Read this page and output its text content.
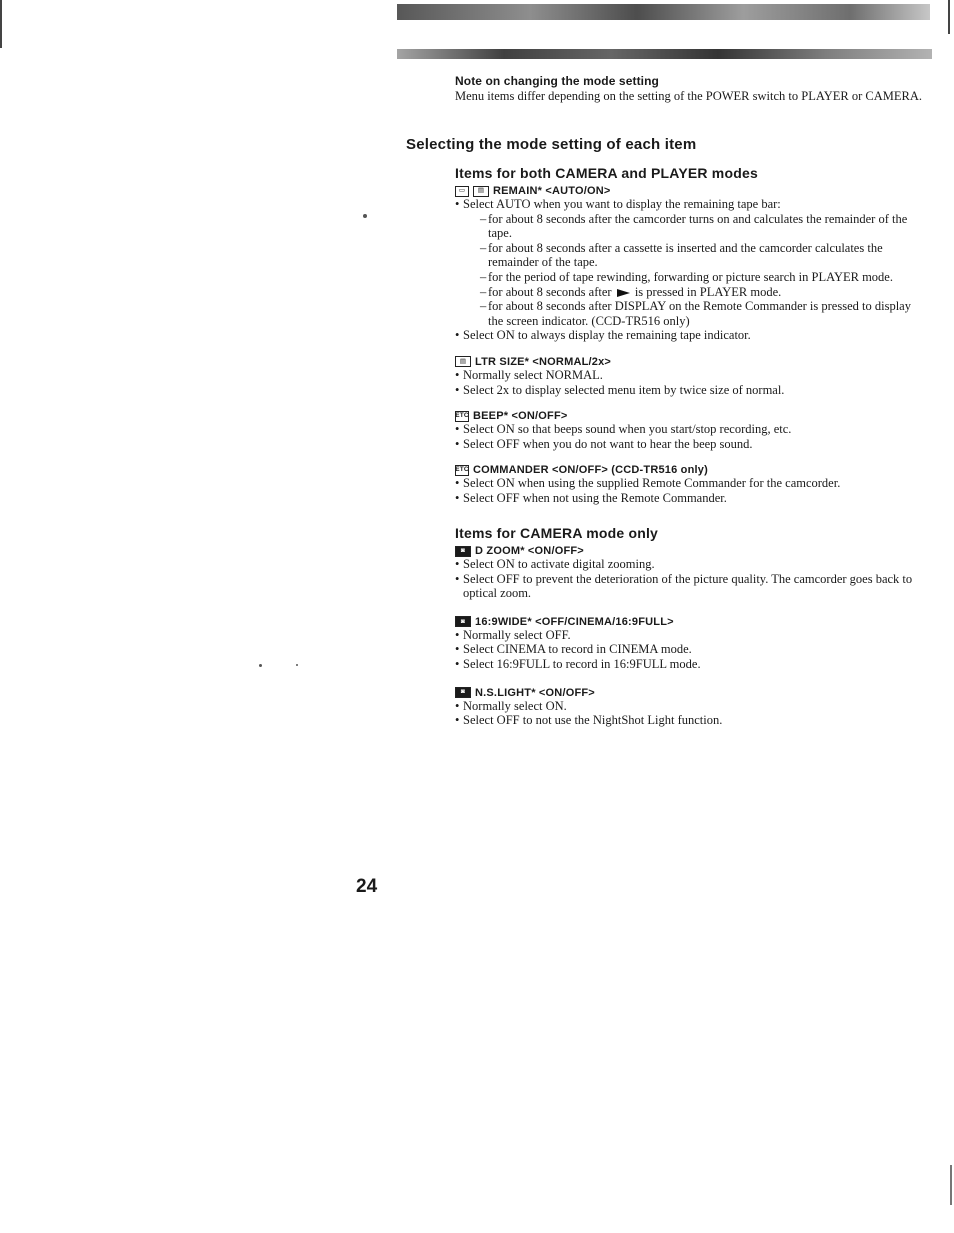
Note on changing the mode setting

Menu items differ depending on the setting of the POWER switch to PLAYER or CAMERA.

Selecting the mode setting of each item
Items for both CAMERA and PLAYER modes

▭	▤ REMAIN* <AUTO/ON>

• Select AUTO when you want to display the remaining tape bar:
– for about 8 seconds after the camcorder turns on and calculates the remainder of the tape.
– for about 8 seconds after a cassette is inserted and the camcorder calculates the remainder of the tape.
– for the period of tape rewinding, forwarding or picture search in PLAYER mode.
– for about 8 seconds after is pressed in PLAYER mode.
– for about 8 seconds after DISPLAY on the Remote Commander is pressed to display the screen indicator. (CCD-TR516 only)
• Select ON to always display the remaining tape indicator.

▤ LTR SIZE* <NORMAL/2x>

• Normally select NORMAL.
• Select 2x to display selected menu item by twice size of normal.

ETC BEEP* <ON/OFF>

• Select ON so that beeps sound when you start/stop recording, etc.
• Select OFF when you do not want to hear the beep sound.

ETC COMMANDER <ON/OFF> (CCD-TR516 only)

• Select ON when using the supplied Remote Commander for the camcorder.
• Select OFF when not using the Remote Commander.
Items for CAMERA mode only

◙ D ZOOM* <ON/OFF>

• Select ON to activate digital zooming.
• Select OFF to prevent the deterioration of the picture quality. The camcorder goes back to optical zoom.

◙ 16:9WIDE* <OFF/CINEMA/16:9FULL>

• Normally select OFF.
• Select CINEMA to record in CINEMA mode.
• Select 16:9FULL to record in 16:9FULL mode.

◙ N.S.LIGHT* <ON/OFF>

• Normally select ON.
• Select OFF to not use the NightShot Light function.
24
